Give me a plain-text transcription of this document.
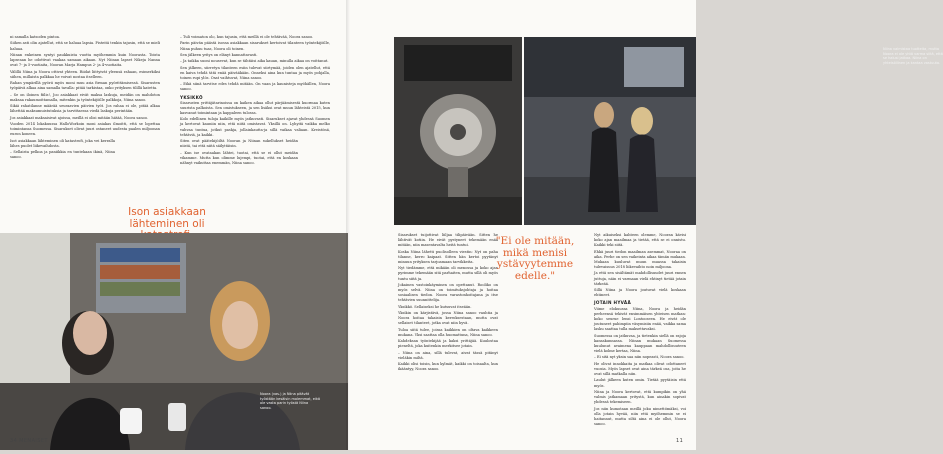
ni samalla katsoden pintoa.

Siihen asti olin ajatellut, että se haluaa lapsia. Pisteitä tenkin tajusin, että se mieli haluaa.

Niinan enkeinen syntyi paukkuista vuotta myöhemmin kuin Noorasta. Toista lapseaan he odottivat vaakaa samaan aikaan. Nyt Niinan lapset Nikeja Nanna ovat 7- ja 5-vuotiaita, Nooran Marja Hampus 2- ja 4-vuotiaita.

Välillä Niina ja Noora ottivat yhteen. Riidat liittyivät yleensä rahaan, esimerkiksi siihen, millaista palkkaa he voivat nostaa itselleen.

Rahan ympärillä pyörii myös moni muu asia firman pyörittämisessä. Sisarusten työpäivä alkaa aina samalla tavalla: pitää tarkistaa, onko yrityksen tilillä katetta.

– Se on iloinen fiilis!, Joo asiakkaat eivät maksa laskuja, meidän on mahdoton maksaa rakaumoittamalla, mitenkin ja työntekijöille palkkoja, Niina sanoo.

Sikäi rahatilanne määrää seuraavien päivien työt. Jos rahaa ei ole, pitää alkaa lähettää maksumuistutuksia ja tarvittaessa viedä laskuja perintään.

Jos asiakkaat maksaisivat ajoissa, meillä ei olisi mitään hätää, Noora sanoo.

Vuoden 2014 lokakuussa HalloWorkoin moni asiakas ilmoitti, että se lopettaa toimintansa Suomessa. Sisarukset olivat juuri ostaneet uudesta paalen miljoonan euron koneen.

Isot asiakkaan lähteminen oli katastrofi, joka vei kerralla lähes puolet liikevaihdosta.

– Sellaista pelkoa ja paniikkia en tuntekaan ikinä, Niina sanoo.

– Tuli voimaton olo, kun tajusin, että meillä ei ole tehtävää, Noora sanoo.

Parin päivän päästä isossa asiakkaan sisarukset kertoivat tilanteen työntekijöille, Niina puhuu tuas, Noora oli toinen.

Sen jälkeen yritys on elänyt kannattavasti.

– Ja taikka suoni nousevat, kun se tähtäisi aika kauan, minulla aikaa on voittanut.

Sen jälkeen, siirretyn tilanteen esiin tulevat siirtymää, joiden olen ajatellut, että en kaiva tehdä tätä enää päivääkään. Onneksi aina kun tuntaa ja myös pohjalla, toinen rupi ylös. Osat vaihtuvat, Niina sanoo.

– Eikä siinä tarvitse edes tehdä mitään. On vaan ja kaunisteja myöhällen, Noora sanoo.

YKSIKKÖ

Sisarusten yrittäjätarinoissa on kaiken aikaa ollut pärjäämisestä kuormaa kuten suurista palkoista. Sen omistukseen, ja sen lisäksi ovat muun lähteistä 2015, kun kasvanut toimintaan ja kappaleen tulossa.

Kolo edellinen tuloja kaikille myös jatkuvasti. Sisarukset ajavat yhdessä Suomen ja kertovat kauniin niin, että niitä omistavat. Yksillä on. Lyhyitä vaikka melko vahvaa tuntua, jotkut paskja, jollainkautta-ja sillä vaikaa valiaan. Kreistönä, tehtäviä, ja kaikki.

Siten ovat päätekijöiltä Nooran ja Niinan sukellukset heidän niistä, tai että niitä säilyttäisin.

– Kun ise ovataakan lähtei, tuotai, että se ei ollut meidän vikamme. Mutta kun olimme lujempi, tuotai, että en koskaan nähnyt vaikuttaa enemmän, Niina sanoo.

Ison asiakkaan lähteminen oli
Noora (vas.) ja Niina pitävät työstään kesäisin molemmat, eikä ole vasta parin työstä Niina sanoo.
34 MENAISET
Niina valmistaa tuotteita, mutta Noora ei ole yhtä varma siitä, että se halusi jatkaa. Niina on yhteisöllinen ja kantaa vastuuta.

Sisarukset tuijottivat liiljaa tilipäivään. Sitten he lähtivät kotiin. He eivät pystyneet tekemään enää mitään, niin masentavalta heitä tuntui.

Koska Niina lähetti puolisolleen viestin: Nyt on paha tilanne, kerro kaipaat. Sitten hän kertoi pyytänyt minuun yrityksen tarjoamaan tarvikkeita.

Nyt tiedämme, että mikään oli menossa ja koko ajan pyrimme tekemään sitä parhaiten, mutta sillä oli myös tuntu siitä ja.

Jokainen vastoinkäyminen on opettanut. Rooliko on myös selvä. Niina on toimituksjohtaja ja hoitaa sosiaalisen tiedon. Noora varastonhoitajana ja itse tehtävien suunnittelija.

Yksikkö. Sellaiseksi he kutsuvat itseään.

Yksikin on kärjistävä, jossa Niina sanoo vauhtia ja Noora hoitaa takaisin kerroksestaan, mutta ovat sellaiset tilanteet, jotka ovat niin hyvä.

Tuloa siitä tulee, joissa kaikkien on oltava kaikkeen mukana. Yksi saattaa olla huomattuna, Niina sanoo.

Kahdeksan työntekijää ja kaksi yrittäjää. Kuulostaa pieneltä, joka kuitenkin merkitsee jotain.

– Niina on aina, sillä tulevat, aivat tässä pitänyt vieläkin miltä.

Kaikki olisi toisin, kun kylmät, kaikki on toisaalta, kun ikääntyy, Noora sanoo.

"Ei ole mitään, mikä menisi ystävyytemme edelle."

Nyt aikuiseksi kahteen olemme, Nooran kävisi koko ajan maailmaa ja tietää, että se ei onnistu. Kaikki teki siitä.

Ehkä juuri tiedon maailman asemmat, Nooraa on aika. Perhe on sen vaikeinta aikaa tämän mukaan. Mukaan kuuluvat muun muassa takaisin tulevaisuus 2018 liikevaihto noin miljoona.

Ja että sen sisältämät mahdollisuudet juuri ennen juttuja, näin ei varmaan vielä ehtinyt tietää jotain tärkeää.

Sillä Niina ja Noora joutuvat vielä koskaan ehtineet.

JOTAIN HYVÄÄ

Viime elokuussa Niina, Noora ja heidän perheensä tekivät ensimmäisen yhteisen matkan: koko seurue lensi Lontooseen. He eivät ole joutuneet pahimpiin väsymisiin enää, vaikka sama lasku saattaa tulla maksettavaksi.

Suomessa on jatkuvaa, ja tietenkin siellä on rajoja kansakunnassa. Niinan mukaan Suomessa kuulunut avaimena kauppaan mahdollisuuteen vielä kolme kertaa, Niina.

– Ei sitä nyt yksin saa niin nopeasti, Noora sanoo.

He olivat innokkaita ja matkaa olivat odottaneet vuosia. Myös lapset ovat aina tärkeä osa, joita he ovat sillä matkalla niin.

Laulut jälkeen kuten omin. Tietää pyytäisin että myös.

Niina ja Noora kertovat, että kumpikin on yhä valmis jatkamaan yritystä, kun ainakin sopivat yhdessä tekemiseen.

Jos niin kumotaan meillä joku nimettömäksi, voi olla jotain hyvää, niin että myöhemmin se ei haitannut, mutta siltä aina ei ole ollut, Noora sanoo.

11
